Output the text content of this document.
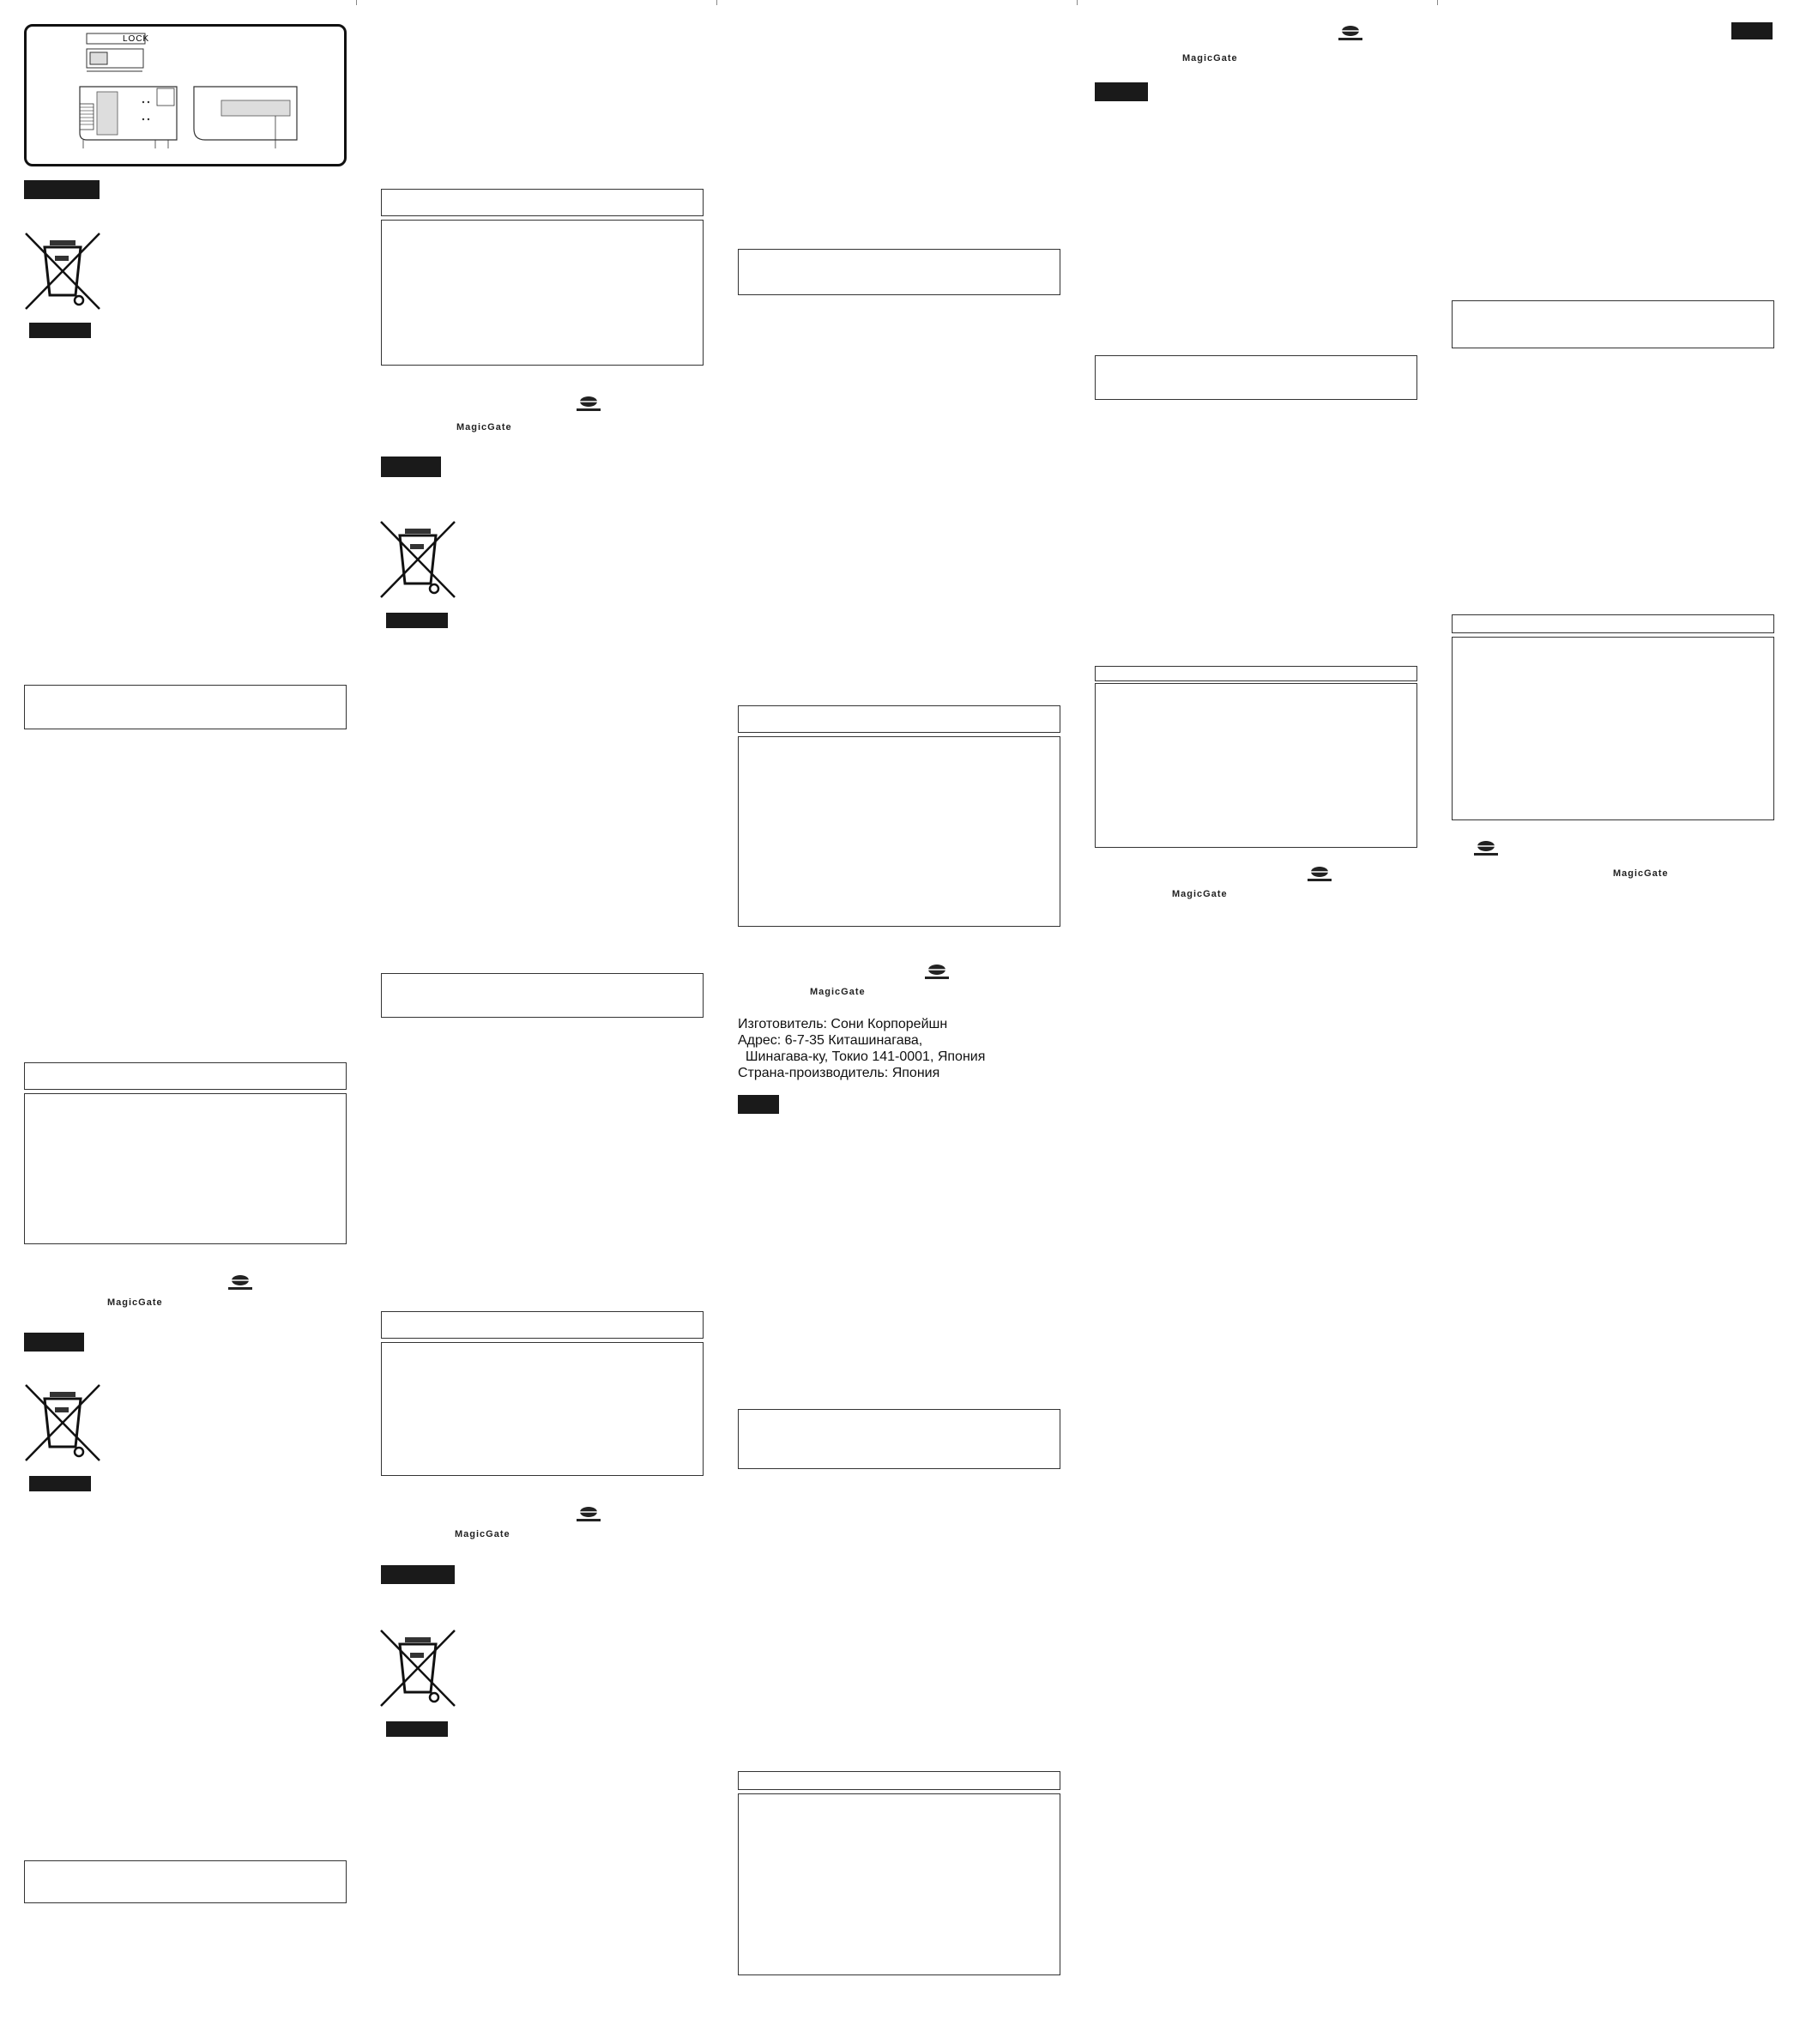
LOCK
MagicGate
MagicGate
MagicGate
MagicGate
Изготовитель: Сони Корпорейшн
Адрес: 6-7-35 Киташинагава,
Шинагава-ку, Токио 141-0001, Япония
Страна-производитель: Япония
MagicGate
MagicGate
MagicGate
